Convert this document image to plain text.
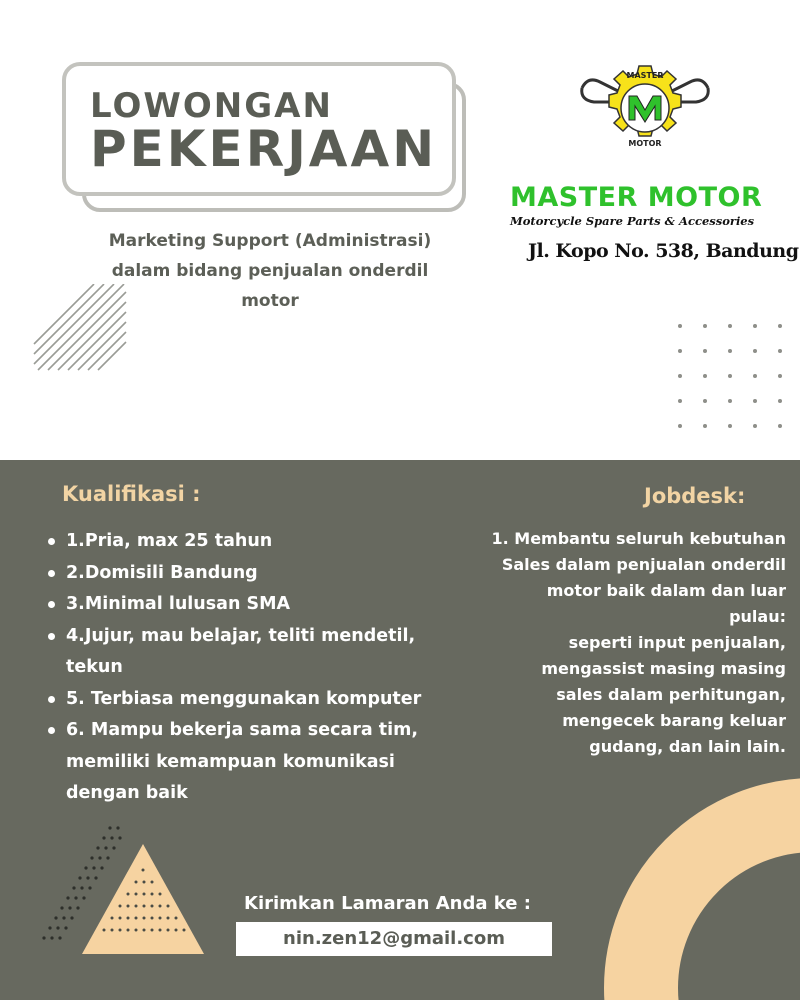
LOWONGAN
PEKERJAAN
Marketing Support (Administrasi)
dalam bidang penjualan onderdil
motor
MASTER
MOTOR
MASTER MOTOR
Motorcycle Spare Parts & Accessories
Jl. Kopo No. 538, Bandung
Kualifikasi :
1.Pria, max 25 tahun
2.Domisili Bandung
3.Minimal lulusan SMA
4.Jujur, mau belajar, teliti mendetil, tekun
5. Terbiasa menggunakan komputer
6. Mampu bekerja sama secara tim, memiliki kemampuan komunikasi dengan baik
Jobdesk:
1. Membantu seluruh kebutuhan
Sales dalam penjualan onderdil
motor baik dalam dan luar
pulau:
seperti input penjualan,
mengassist masing masing
sales dalam perhitungan,
mengecek barang keluar
gudang, dan lain lain.
Kirimkan Lamaran Anda ke :
nin.zen12@gmail.com
